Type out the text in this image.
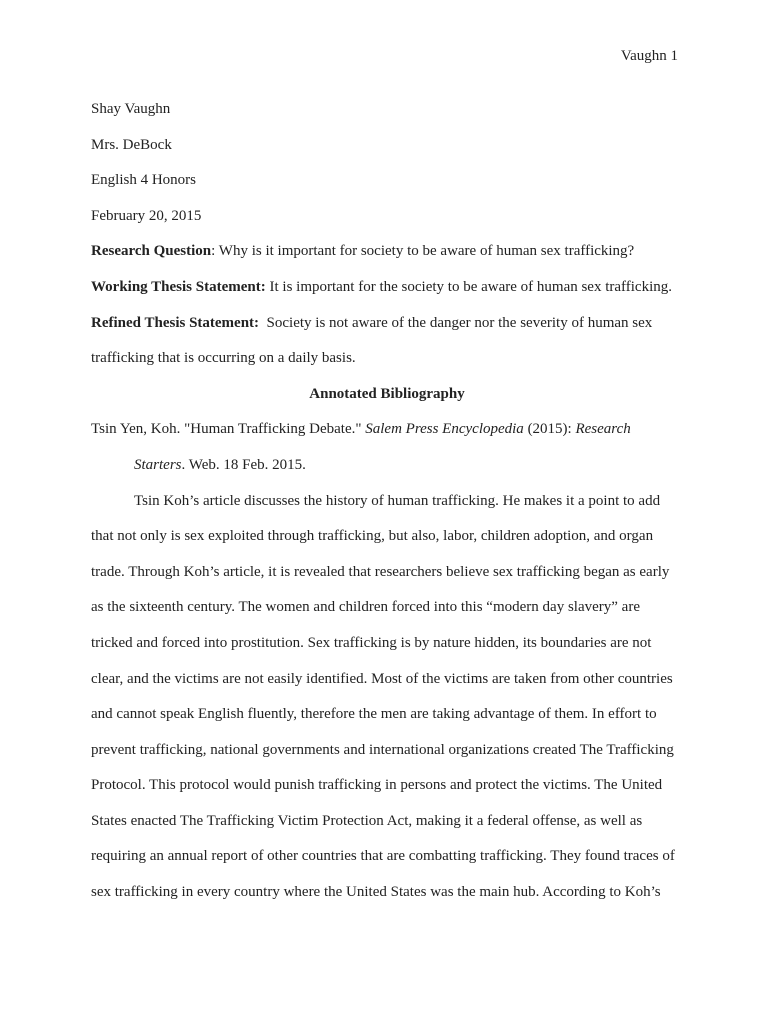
Vaughn 1

Shay Vaughn

Mrs. DeBock

English 4 Honors

February 20, 2015

Research Question: Why is it important for society to be aware of human sex trafficking?

Working Thesis Statement: It is important for the society to be aware of human sex trafficking.

Refined Thesis Statement:  Society is not aware of the danger nor the severity of human sex

trafficking that is occurring on a daily basis.

Annotated Bibliography

Tsin Yen, Koh. "Human Trafficking Debate." Salem Press Encyclopedia (2015): Research

Starters. Web. 18 Feb. 2015.

Tsin Koh’s article discusses the history of human trafficking. He makes it a point to add

that not only is sex exploited through trafficking, but also, labor, children adoption, and organ

trade. Through Koh’s article, it is revealed that researchers believe sex trafficking began as early

as the sixteenth century. The women and children forced into this “modern day slavery” are

tricked and forced into prostitution. Sex trafficking is by nature hidden, its boundaries are not

clear, and the victims are not easily identified. Most of the victims are taken from other countries

and cannot speak English fluently, therefore the men are taking advantage of them. In effort to

prevent trafficking, national governments and international organizations created The Trafficking

Protocol. This protocol would punish trafficking in persons and protect the victims. The United

States enacted The Trafficking Victim Protection Act, making it a federal offense, as well as

requiring an annual report of other countries that are combatting trafficking. They found traces of

sex trafficking in every country where the United States was the main hub. According to Koh’s
